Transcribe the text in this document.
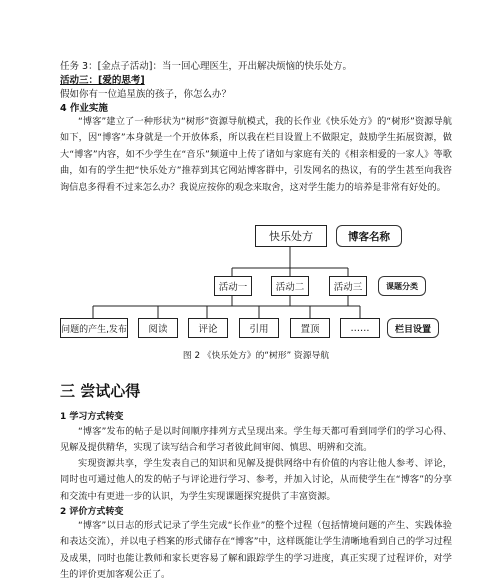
任务 3：[金点子活动]：当一回心理医生，开出解决烦恼的快乐处方。
活动三：[爱的思考]
假如你有一位追星族的孩子，你怎么办？
4 作业实施
“博客”建立了一种形状为“树形”资源导航模式，我的长作业《快乐处方》的“树形”资源导航如下，因“博客”本身就是一个开放体系，所以我在栏目设置上不做限定，鼓励学生拓展资源，做大“博客”内容，如不少学生在“音乐”频道中上传了诸如与家庭有关的《相亲相爱的一家人》等歌曲，如有的学生把“快乐处方”推荐到其它网站博客群中，引发网名的热议，有的学生甚至向我咨询信息多得看不过来怎么办？我说应按你的观念来取舍，这对学生能力的培养是非常有好处的。
快乐处方	博客名称
活动一	活动二	活动三	课题分类
问题的产生,发布	阅读	评论	引用	置顶	……	栏目设置
图 2 《快乐处方》的“树形” 资源导航
三 尝试心得
1 学习方式转变
“博客”发布的帖子是以时间顺序排列方式呈现出来。学生每天都可看到同学们的学习心得、见解及提供精华，实现了读写结合和学习者彼此间审阅、慎思、明辨和交流。
实现资源共享，学生发表自己的知识和见解及提供网络中有价值的内容让他人参考、评论，同时也可通过他人的发的帖子与评论进行学习、参考，并加入讨论，从而使学生在“博客”的分享和交流中有更进一步的认识，为学生实现课题探究提供了丰富资源。
2 评价方式转变
“博客”以日志的形式记录了学生完成“长作业”的整个过程（包括情境问题的产生、实践体验和表达交流），并以电子档案的形式储存在“博客”中，这样既能让学生清晰地看到自己的学习过程及成果，同时也能让教师和家长更容易了解和跟踪学生的学习进度，真正实现了过程评价，对学生的评价更加客观公正了。
